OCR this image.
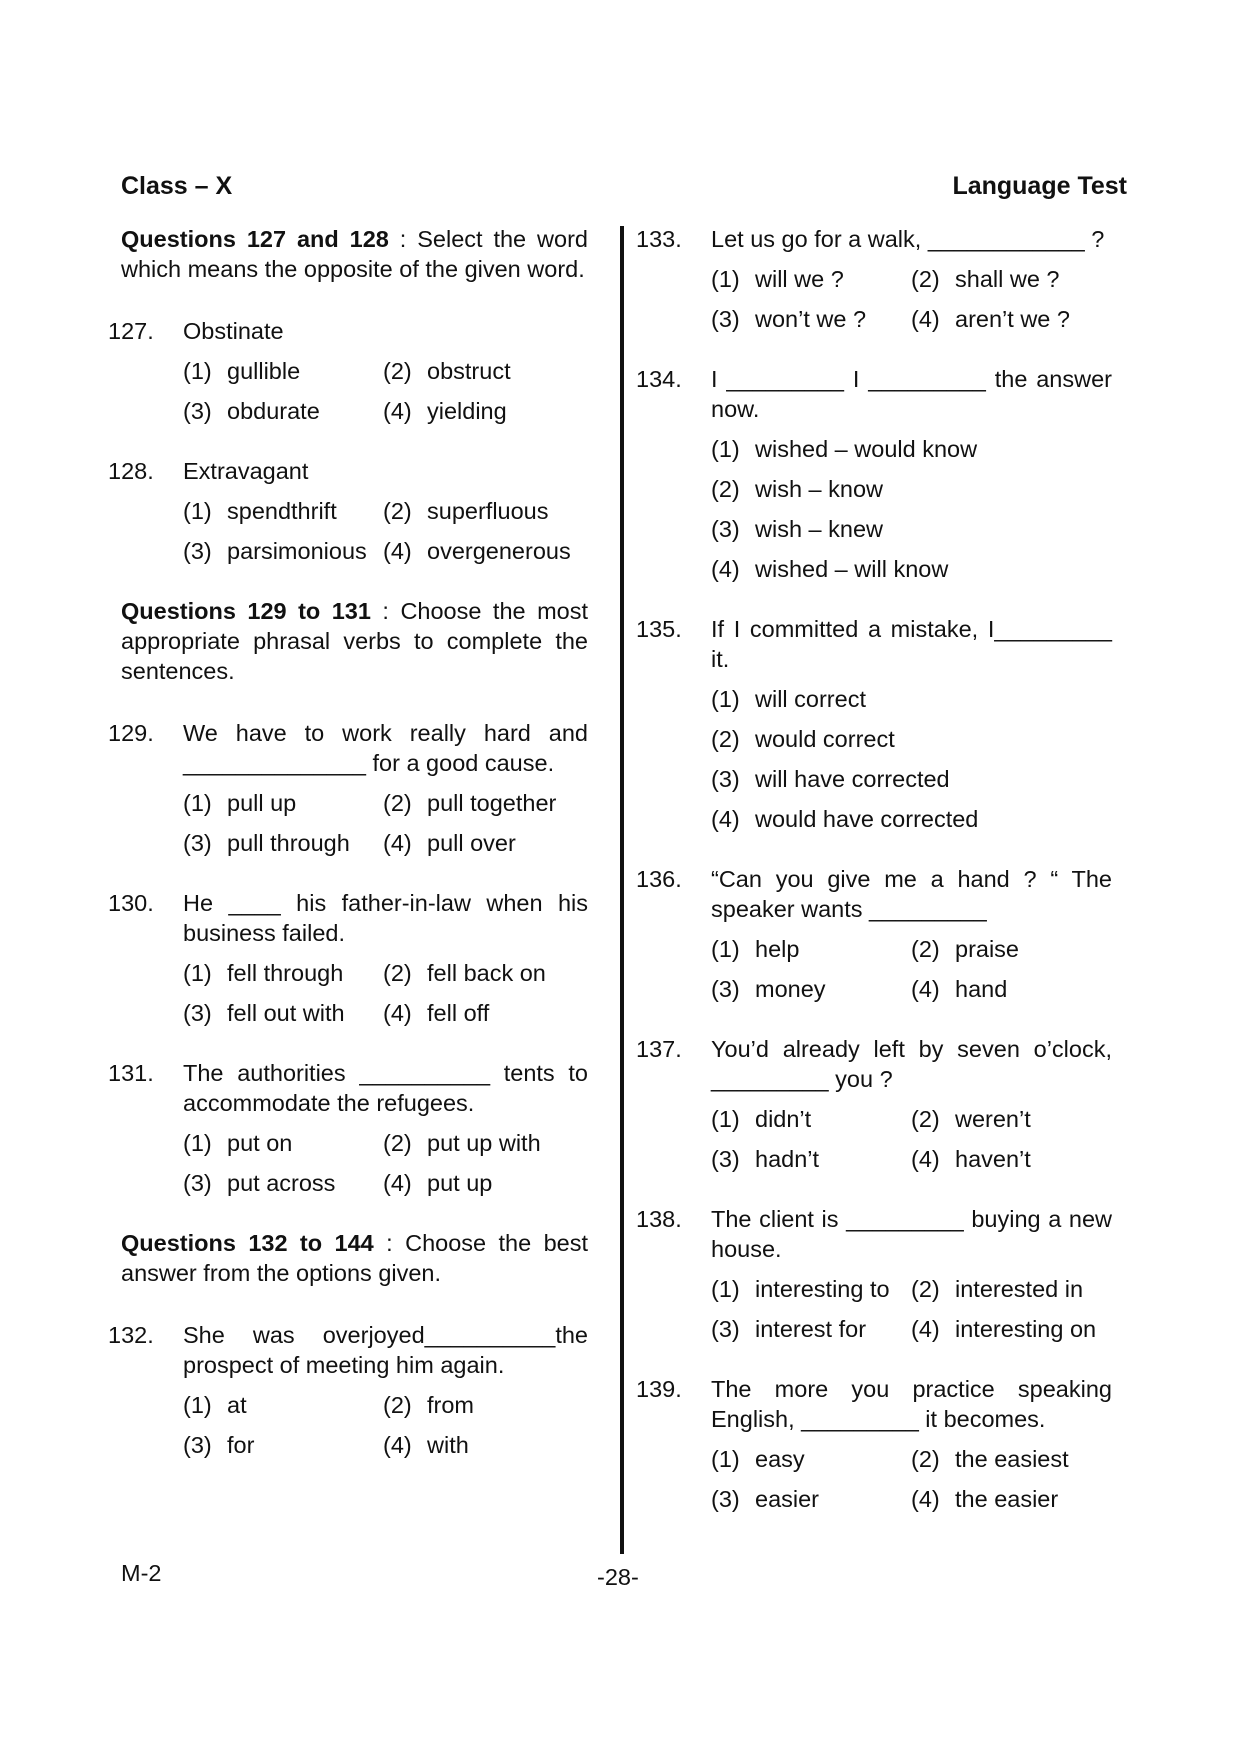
Class – X	Language Test
Questions 127 and 128 : Select the word which means the opposite of the given word.
127.	Obstinate
(1) gullible	(2) obstruct
(3) obdurate	(4) yielding
128.	Extravagant
(1) spendthrift	(2) superfluous
(3) parsimonious (4) overgenerous
Questions 129 to 131 : Choose the most appropriate phrasal verbs to complete the sentences.
129.	We have to work really hard and ______________ for a good cause.
(1) pull up	(2) pull together
(3) pull through	(4) pull over
130.	He ____ his father-in-law when his business failed.
(1) fell through	(2) fell back on
(3) fell out with	(4) fell off
131.	The authorities __________ tents to accommodate the refugees.
(1) put on	(2) put up with
(3) put across	(4) put up
Questions 132 to 144 : Choose the best answer from the options given.
132.	She was overjoyed__________the prospect of meeting him again.
(1) at	(2) from
(3) for	(4) with
133.	Let us go for a walk, ____________ ?
(1) will we ?	(2) shall we ?
(3) won’t we ?	(4) aren’t we ?
134.	I _________ I _________ the answer now.
(1) wished – would know
(2) wish – know
(3) wish – knew
(4) wished – will know
135.	If I committed a mistake, I_________ it.
(1) will correct
(2) would correct
(3) will have corrected
(4) would have corrected
136.	“Can you give me a hand ? “ The speaker wants _________
(1) help	(2) praise
(3) money	(4) hand
137.	You’d already left by seven o’clock, _________ you ?
(1) didn’t	(2) weren’t
(3) hadn’t	(4) haven’t
138.	The client is _________ buying a new house.
(1) interesting to (2) interested in
(3) interest for	(4) interesting on
139.	The more you practice speaking English, _________ it becomes.
(1) easy	(2) the easiest
(3) easier	(4) the easier
M-2	-28-
